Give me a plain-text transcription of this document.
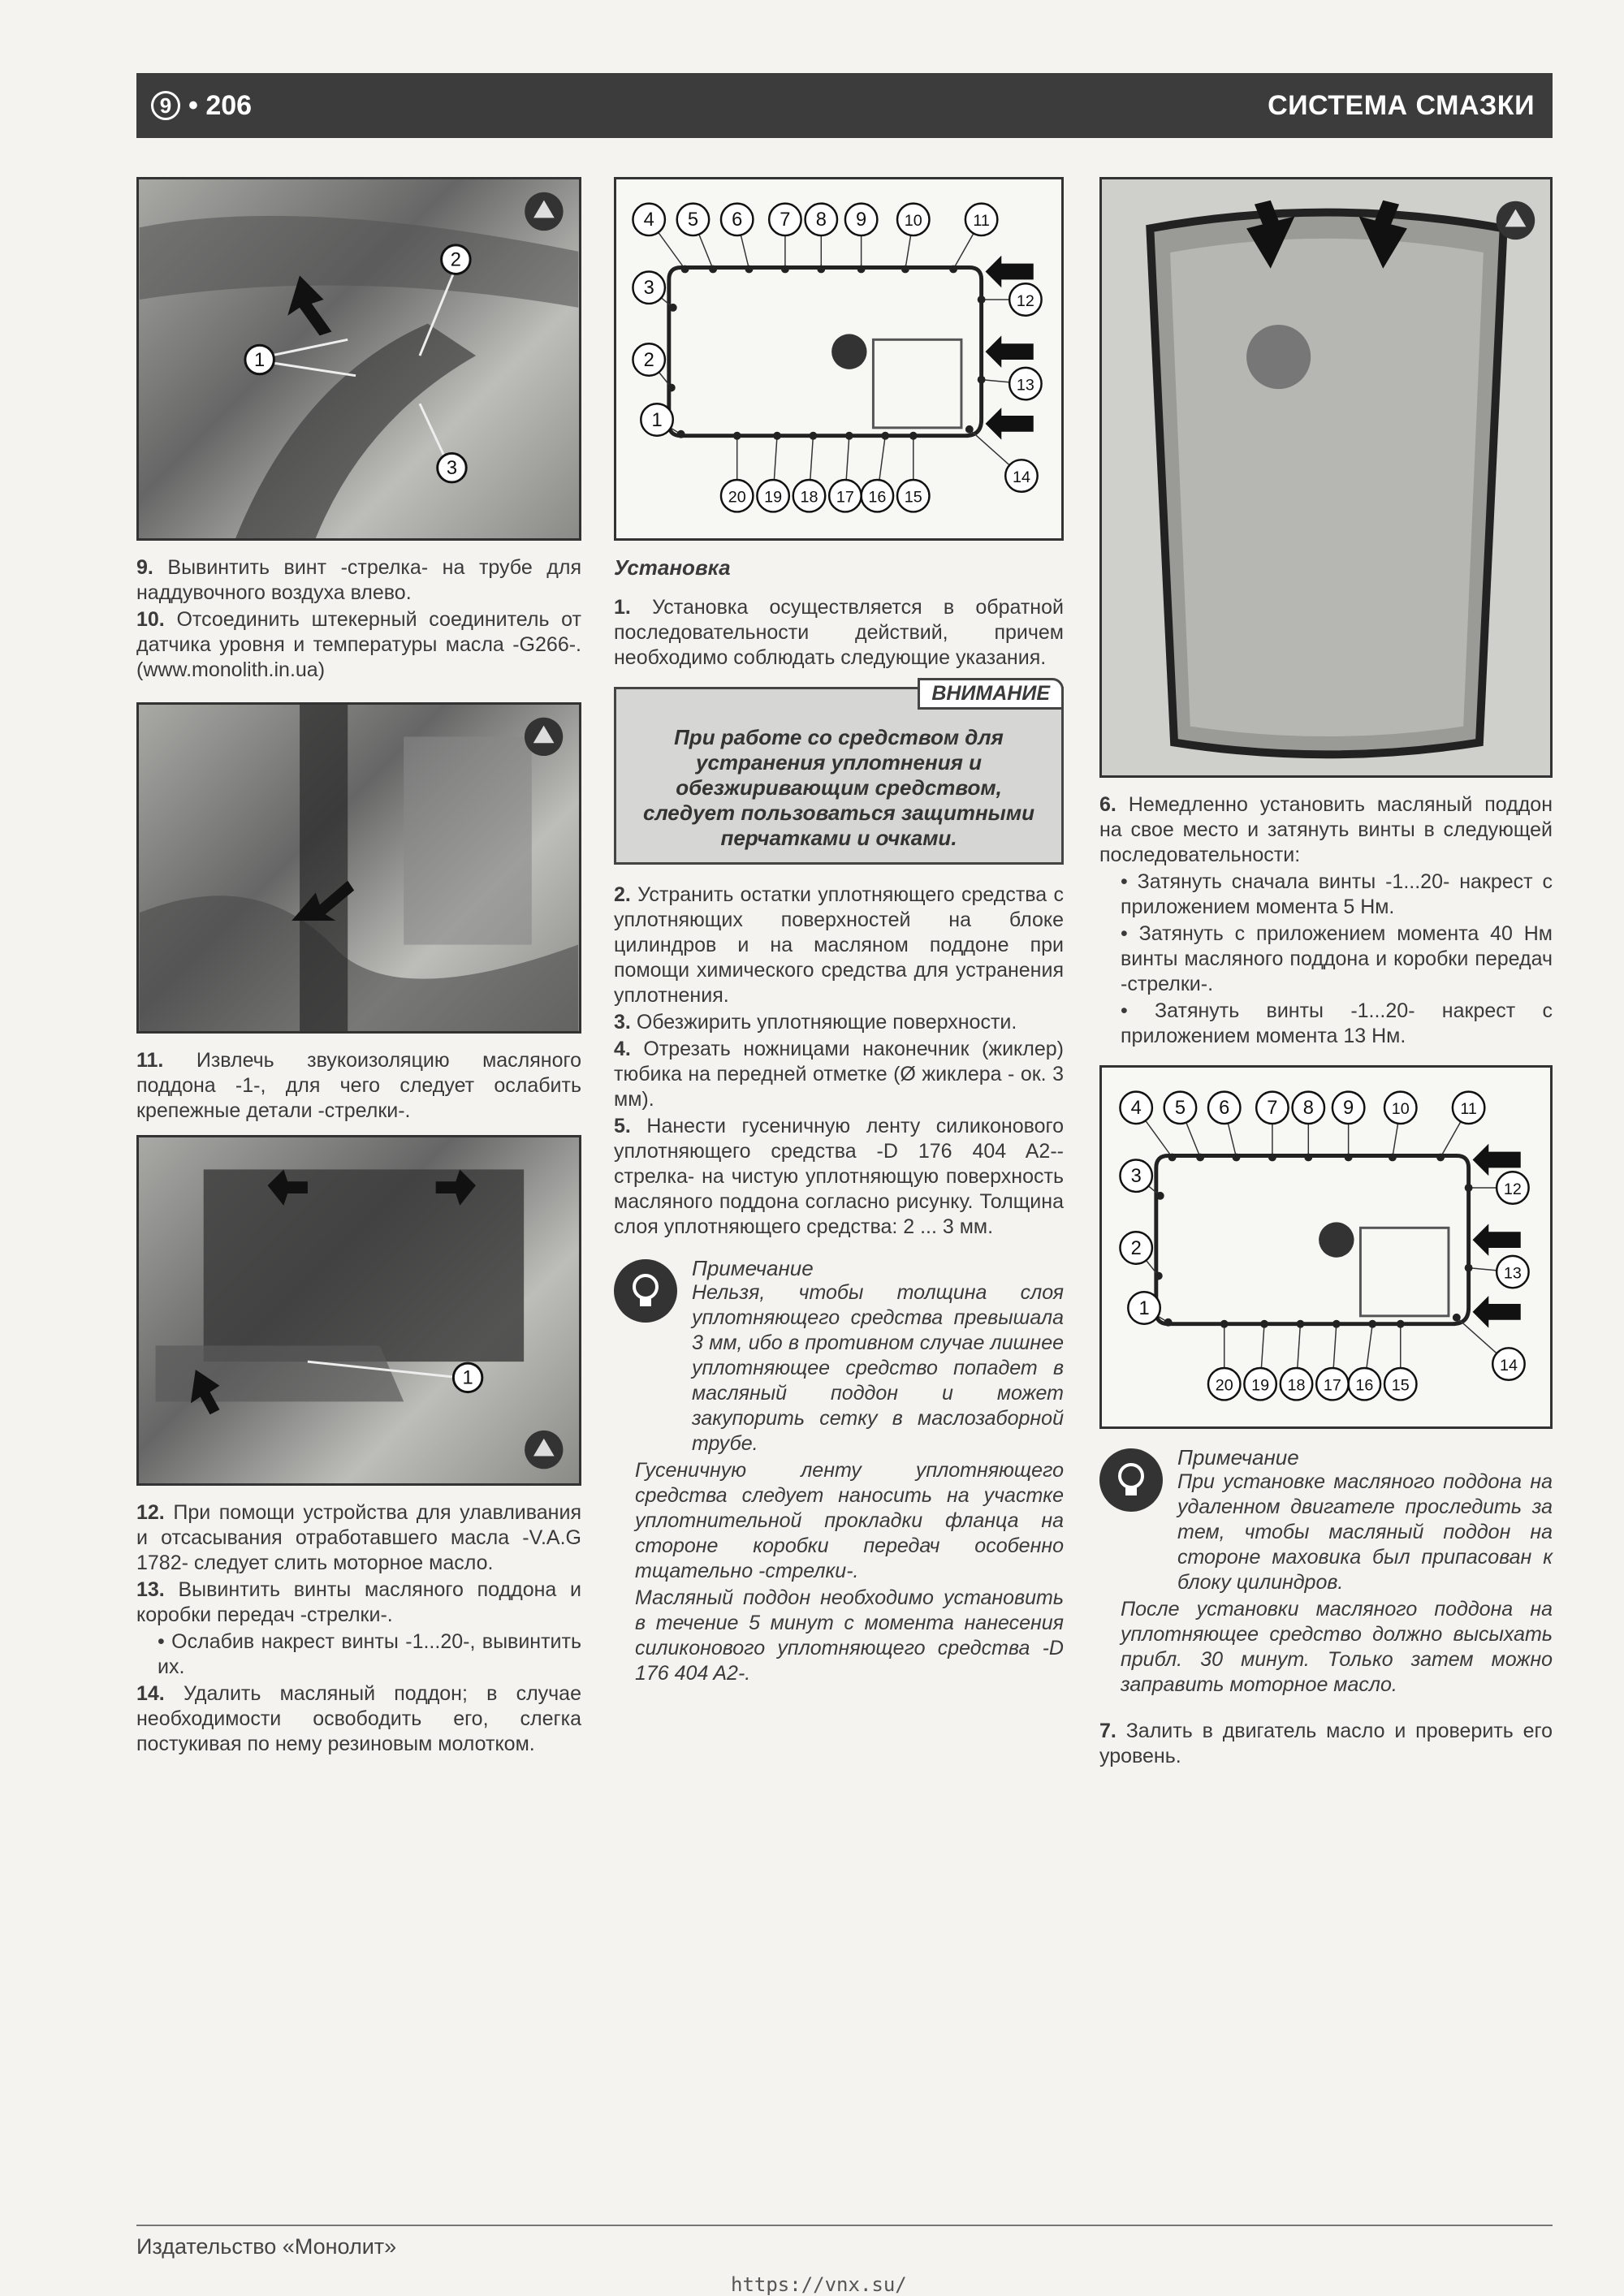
9 • 206	СИСТЕМА СМАЗКИ
1
2
3

9. Вывинтить винт -стрелка- на трубе для наддувочного воздуха влево.

10. Отсоединить штекерный соединитель от датчика уровня и температуры масла -G266-. (www.monolith.in.ua)

11. Извлечь звукоизоляцию масляного поддона -1-, для чего следует ослабить крепежные детали -стрелки-.

1

12. При помощи устройства для улавливания и отсасывания отработавшего масла -V.A.G 1782- следует слить моторное масло.

13. Вывинтить винты масляного поддона и коробки передач -стрелки-.

• Ослабив накрест винты -1...20-, вывинтить их.

14. Удалить масляный поддон; в случае необходимости освободить его, слегка постукивая по нему резиновым молотком.

1
2
3
4 5 6 7 8 9 10	11
12
13
14
15
16
17
18
19
20
Установка

1. Установка осуществляется в обратной последовательности действий, причем необходимо соблюдать следующие указания.

ВНИМАНИЕ
При работе со средством для устранения уплотнения и обезжиривающим средством, следует пользоваться защитными перчатками и очками.

2. Устранить остатки уплотняющего средства с уплотняющих поверхностей на блоке цилиндров и на масляном поддоне при помощи химического средства для устранения уплотнения.

3. Обезжирить уплотняющие поверхности.

4. Отрезать ножницами наконечник (жиклер) тюбика на передней отметке (Ø жиклера - ок. 3 мм).

5. Нанести гусеничную ленту силиконового уплотняющего средства -D 176 404 A2--стрелка- на чистую уплотняющую поверхность масляного поддона согласно рисунку. Толщина слоя уплотняющего средства: 2 ... 3 мм.

Примечание

Нельзя, чтобы толщина слоя уплотняющего средства превышала 3 мм, ибо в противном случае лишнее уплотняющее средство попадет в масляный поддон и может закупорить сетку в маслозаборной трубе.

Гусеничную ленту уплотняющего средства следует наносить на участке уплотнительной прокладки фланца на стороне коробки передач особенно тщательно -стрелки-.

Масляный поддон необходимо установить в течение 5 минут с момента нанесения силиконового уплотняющего средства -D 176 404 A2-.

6. Немедленно установить масляный поддон на свое место и затянуть винты в следующей последовательности:

• Затянуть сначала винты -1...20- накрест с приложением момента 5 Нм.

• Затянуть с приложением момента 40 Нм винты масляного поддона и коробки передач -стрелки-.

• Затянуть винты -1...20- накрест с приложением момента 13 Нм.

1
2
3
4 5 6 7 8 9 10	11
12
13
14
15
16
17
18
19
20
Примечание

При установке масляного поддона на удаленном двигателе проследить за тем, чтобы масляный поддон на стороне маховика был припасован к блоку цилиндров.

После установки масляного поддона на уплотняющее средство должно высыхать прибл. 30 минут. Только затем можно заправить моторное масло.

7. Залить в двигатель масло и проверить его уровень.

Издательство «Монолит»
https://vnx.su/
